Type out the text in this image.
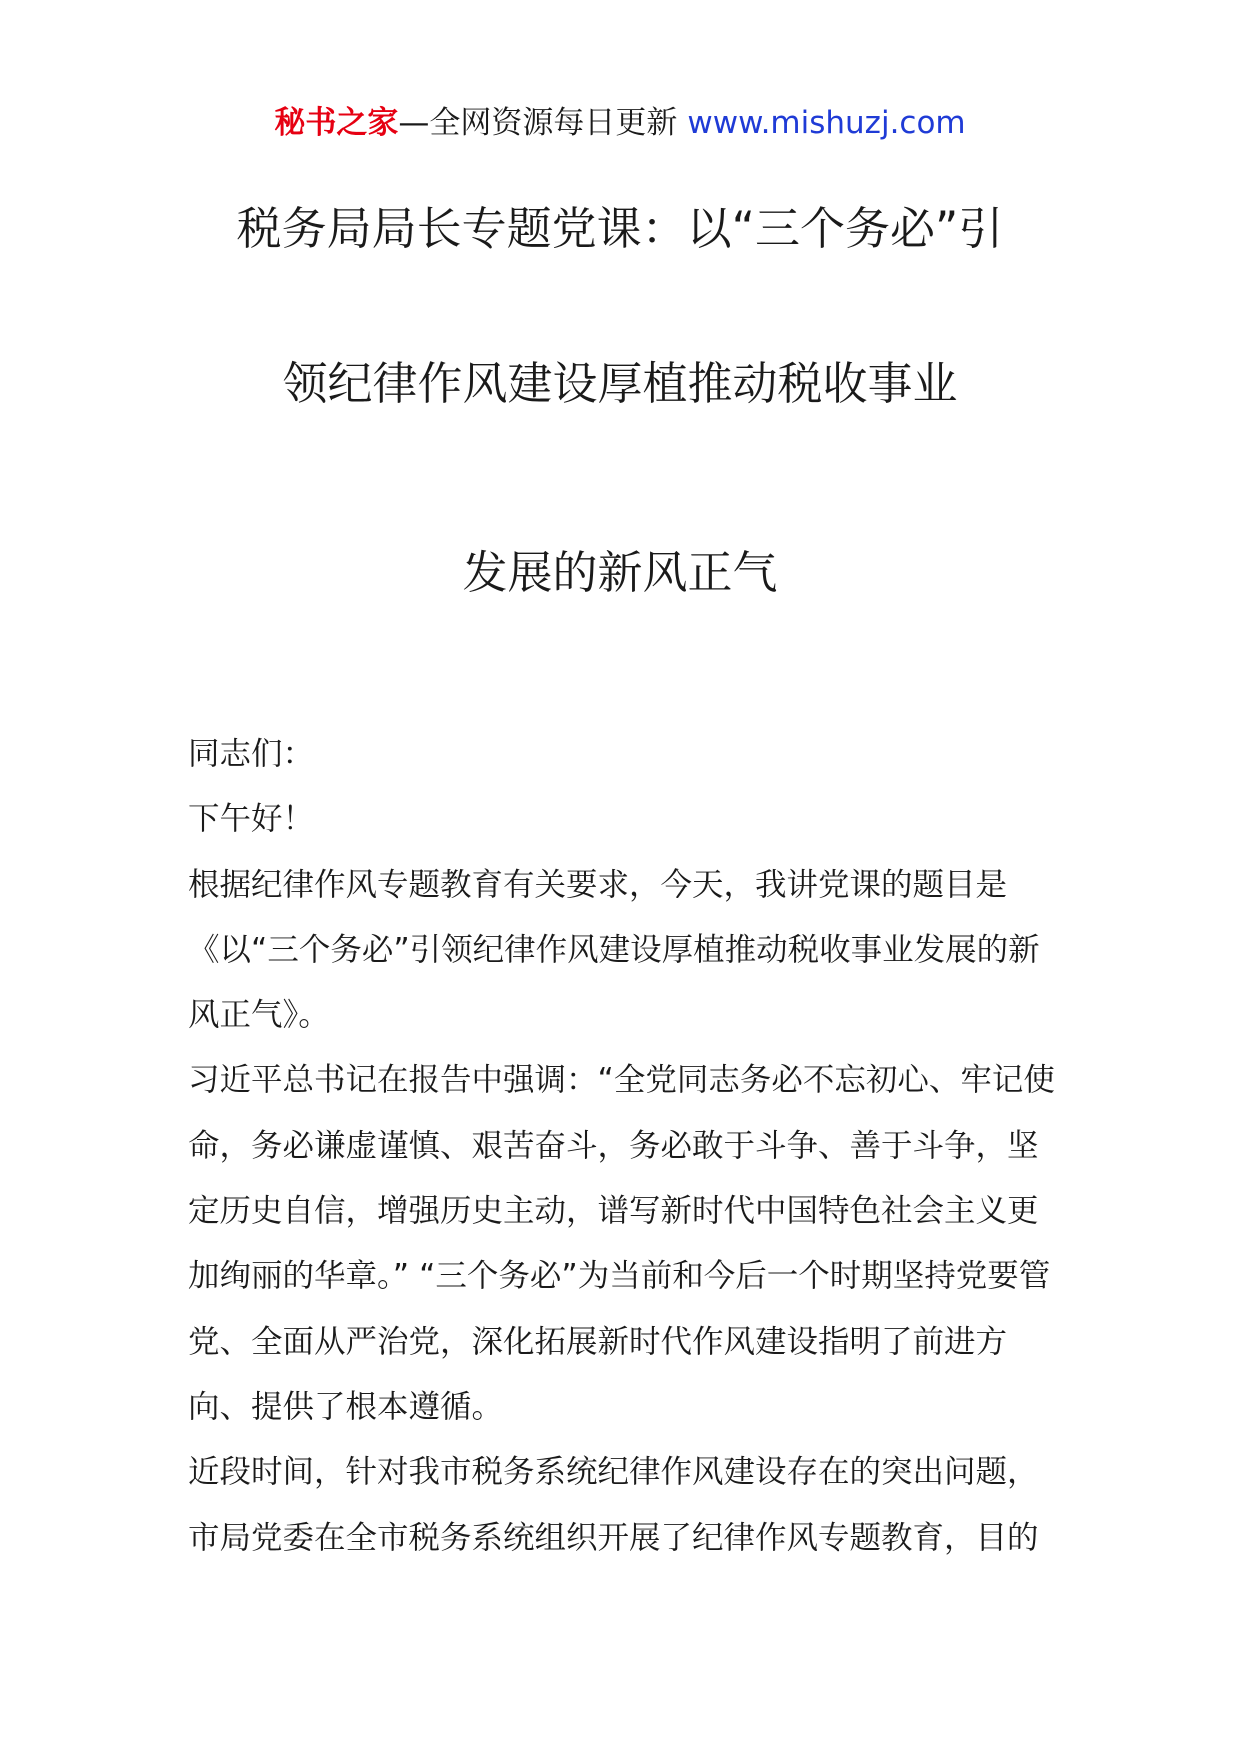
秘书之家—全网资源每日更新 www.mishuzj.com
税务局局长专题党课：以“三个务必”引
领纪律作风建设厚植推动税收事业
发展的新风正气

同志们：

下午好！

根据纪律作风专题教育有关要求，今天，我讲党课的题目是《以“三个务必”引领纪律作风建设厚植推动税收事业发展的新风正气》。

习近平总书记在报告中强调：“全党同志务必不忘初心、牢记使命，务必谦虚谨慎、艰苦奋斗，务必敢于斗争、善于斗争，坚定历史自信，增强历史主动，谱写新时代中国特色社会主义更加绚丽的华章。” “三个务必”为当前和今后一个时期坚持党要管党、全面从严治党，深化拓展新时代作风建设指明了前进方向、提供了根本遵循。

近段时间，针对我市税务系统纪律作风建设存在的突出问题，市局党委在全市税务系统组织开展了纪律作风专题教育，目的
